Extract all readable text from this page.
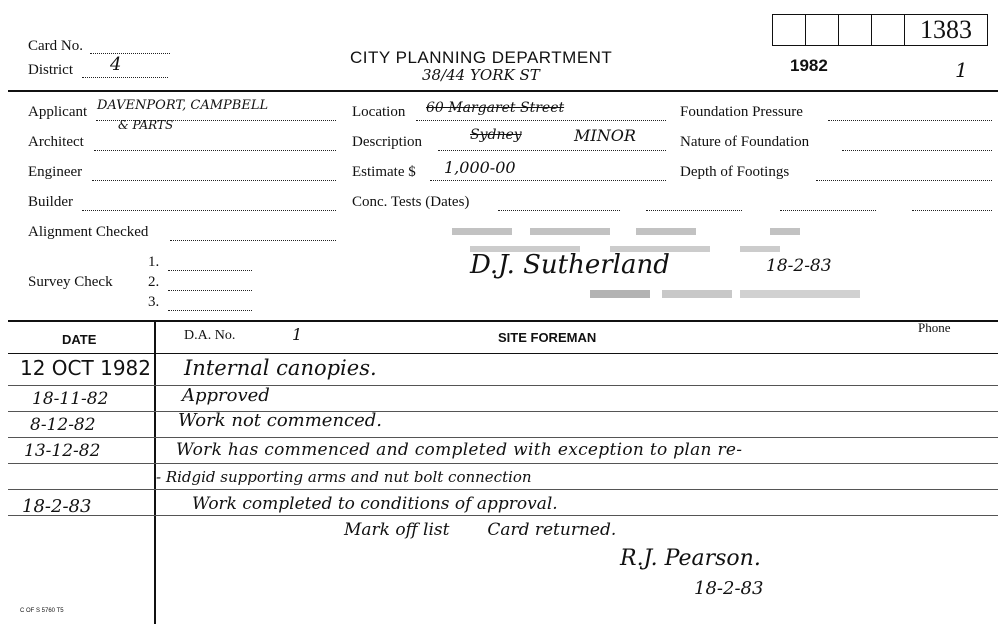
1383
Card No.
District 4	CITY PLANNING DEPARTMENT
38/44 YORK ST	1982	1
Applicant DAVENPORT, CAMPBELL
& PARTS
Architect
Engineer
Builder
Alignment Checked
Survey Check
1.
2.
3.
Location 60 Margaret Street
Description	Sydney	MINOR
Estimate $ 1,000-00
Conc. Tests (Dates)
Foundation Pressure
Nature of Foundation
Depth of Footings
D.J. Sutherland	18-2-83
DATE	D.A. No.	1	SITE FOREMAN
Phone
12 OCT 1982 Internal canopies.
18-11-82	Approved
8-12-82	Work not commenced.
13-12-82	Work has commenced and completed with exception to plan re-
- Ridgid supporting arms and nut bolt connection
18-2-83	Work completed to conditions of approval.
Mark off list       Card returned.
R.J. Pearson.
18-2-83
C OF S 5760 T5
